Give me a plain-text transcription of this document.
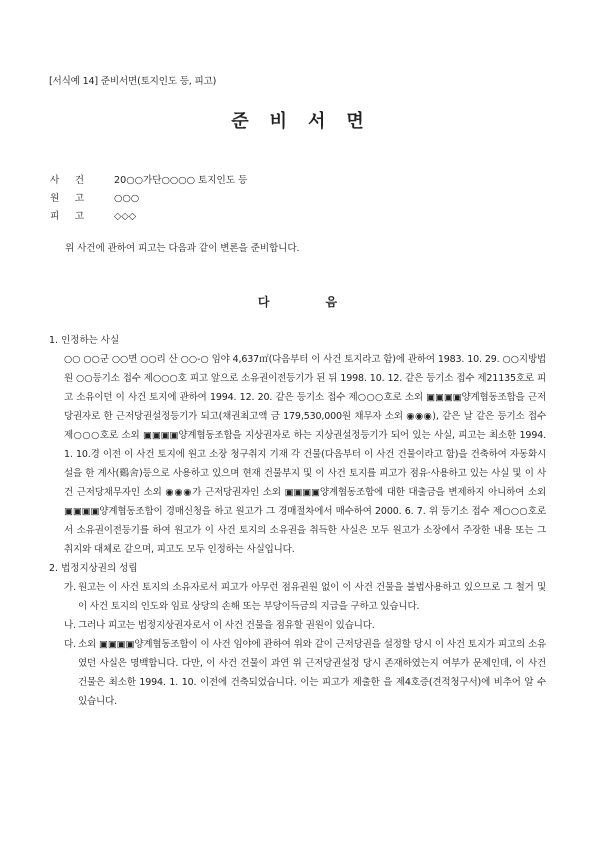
[서식예 14] 준비서면(토지인도 등, 피고)
준비서면
사 건	20○○가단○○○○ 토지인도 등
원 고	○○○
피 고	◇◇◇
위 사건에 관하여 피고는 다음과 같이 변론을 준비합니다.
다음
1. 인정하는 사실

○○ ○○군 ○○면 ○○리 산 ○○-○ 임야 4,637㎡(다음부터 이 사건 토지라고 함)에 관하여 1983. 10. 29. ○○지방법원 ○○등기소 접수 제○○○호 피고 앞으로 소유권이전등기가 된 뒤 1998. 10. 12. 같은 등기소 접수 제21135호로 피고 소유이던 이 사건 토지에 관하여 1994. 12. 20. 같은 등기소 접수 제○○○호로 소외 ▣▣▣▣양계협동조합을 근저당권자로 한 근저당권설정등기가 되고(채권최고액 금 179,530,000원 채무자 소외 ◉◉◉), 같은 날 같은 등기소 접수 제○○○호로 소외 ▣▣▣▣양계협동조합을 지상권자로 하는 지상권설정등기가 되어 있는 사실, 피고는 최소한 1994. 1. 10.경 이전 이 사건 토지에 원고 소장 청구취지 기재 각 건물(다음부터 이 사건 건물이라고 함)을 건축하여 자동화시설을 한 계사(鷄舍)등으로 사용하고 있으며 현재 건물부지 및 이 사건 토지를 피고가 점유·사용하고 있는 사실 및 이 사건 근저당채무자인 소외 ◉◉◉가 근저당권자인 소외 ▣▣▣▣양계협동조합에 대한 대출금을 변제하지 아니하여 소외 ▣▣▣▣양계협동조합이 경매신청을 하고 원고가 그 경매절차에서 매수하여 2000. 6. 7. 위 등기소 접수 제○○○호로서 소유권이전등기를 하여 원고가 이 사건 토지의 소유권을 취득한 사실은 모두 원고가 소장에서 주장한 내용 또는 그 취지와 대체로 같으며, 피고도 모두 인정하는 사실입니다.

2. 법정지상권의 성립
가. 원고는 이 사건 토지의 소유자로서 피고가 아무런 점유권원 없이 이 사건 건물을 불법사용하고 있으므로 그 철거 및 이 사건 토지의 인도와 임료 상당의 손해 또는 부당이득금의 지급을 구하고 있습니다.
나. 그러나 피고는 법정지상권자로서 이 사건 건물을 점유할 권원이 있습니다.
다. 소외 ▣▣▣▣양계협동조합이 이 사건 임야에 관하여 위와 같이 근저당권을 설정할 당시 이 사건 토지가 피고의 소유였던 사실은 명백합니다. 다만, 이 사건 건물이 과연 위 근저당권설정 당시 존재하였는지 여부가 문제인데, 이 사건 건물은 최소한 1994. 1. 10. 이전에 건축되었습니다. 이는 피고가 제출한 을 제4호증(견적청구서)에 비추어 알 수 있습니다.
